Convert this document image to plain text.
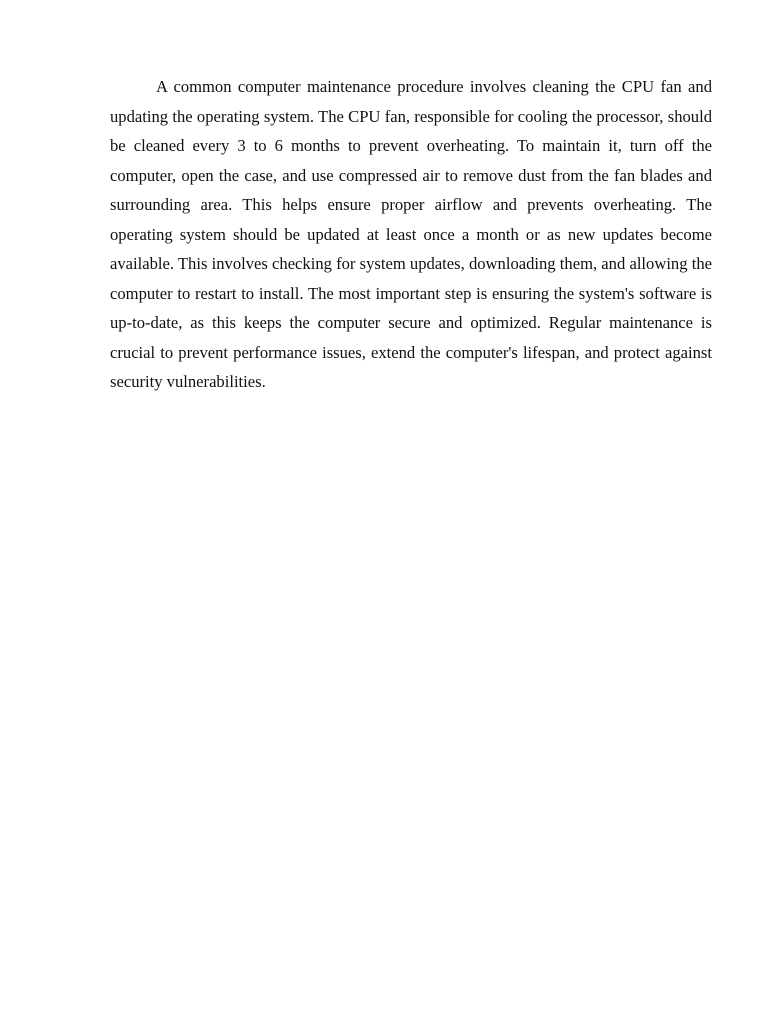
A common computer maintenance procedure involves cleaning the CPU fan and updating the operating system. The CPU fan, responsible for cooling the processor, should be cleaned every 3 to 6 months to prevent overheating. To maintain it, turn off the computer, open the case, and use compressed air to remove dust from the fan blades and surrounding area. This helps ensure proper airflow and prevents overheating. The operating system should be updated at least once a month or as new updates become available. This involves checking for system updates, downloading them, and allowing the computer to restart to install. The most important step is ensuring the system's software is up-to-date, as this keeps the computer secure and optimized. Regular maintenance is crucial to prevent performance issues, extend the computer's lifespan, and protect against security vulnerabilities.
